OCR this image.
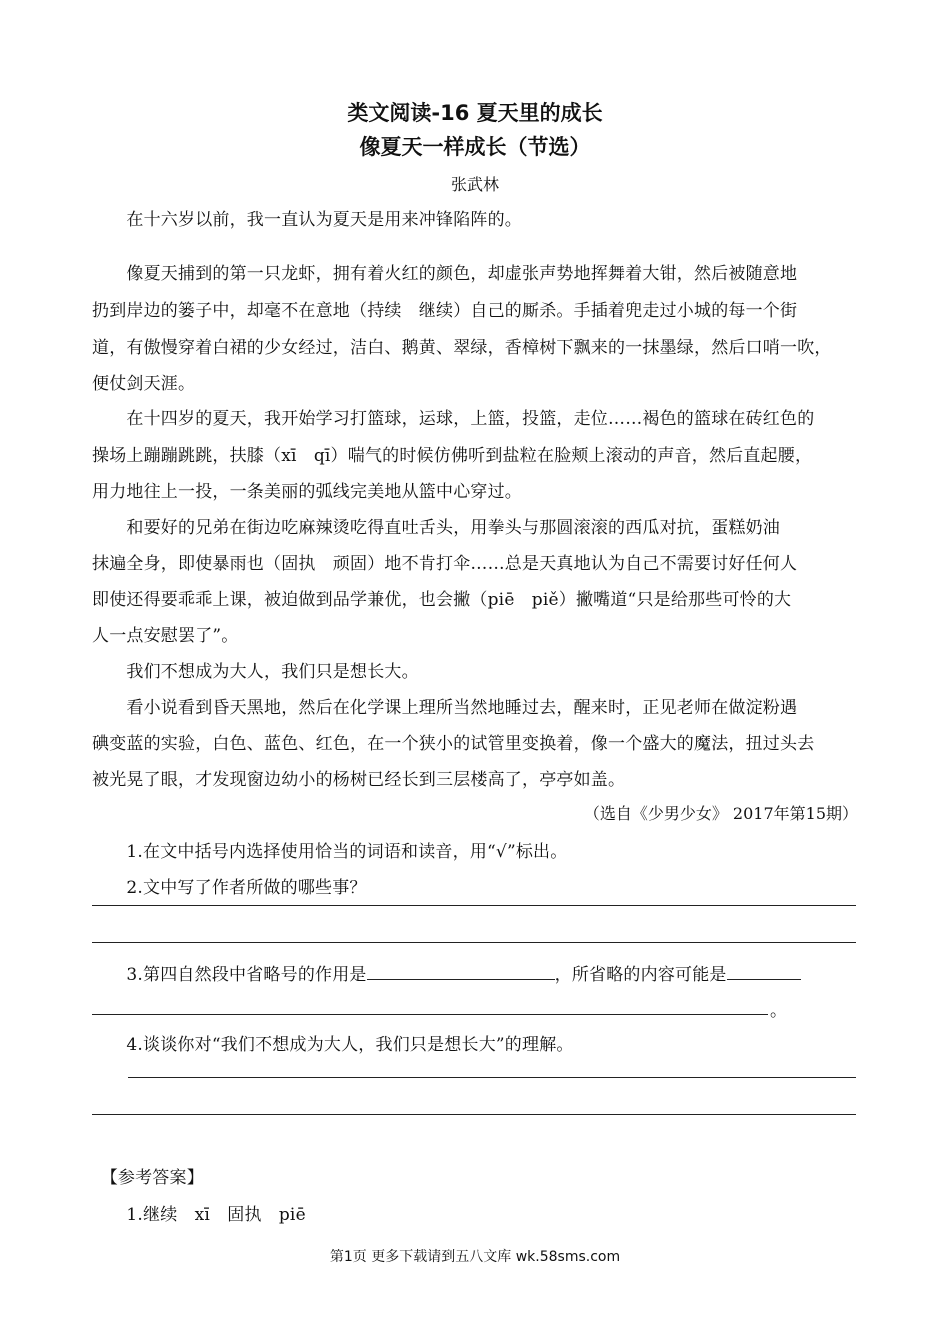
类文阅读-16 夏天里的成长
像夏天一样成长（节选）
张武林
　　在十六岁以前，我一直认为夏天是用来冲锋陷阵的。
　　像夏天捕到的第一只龙虾，拥有着火红的颜色，却虚张声势地挥舞着大钳，然后被随意地
扔到岸边的篓子中，却毫不在意地（持续　继续）自己的厮杀。手插着兜走过小城的每一个街
道，有傲慢穿着白裙的少女经过，洁白、鹅黄、翠绿，香樟树下飘来的一抹墨绿，然后口哨一吹，
便仗剑天涯。
　　在十四岁的夏天，我开始学习打篮球，运球，上篮，投篮，走位……褐色的篮球在砖红色的
操场上蹦蹦跳跳，扶膝（xī　qī）喘气的时候仿佛听到盐粒在脸颊上滚动的声音，然后直起腰，
用力地往上一投，一条美丽的弧线完美地从篮中心穿过。
　　和要好的兄弟在街边吃麻辣烫吃得直吐舌头，用拳头与那圆滚滚的西瓜对抗，蛋糕奶油
抹遍全身，即使暴雨也（固执　顽固）地不肯打伞……总是天真地认为自己不需要讨好任何人
即使还得要乖乖上课，被迫做到品学兼优，也会撇（piē　piě）撇嘴道“只是给那些可怜的大
人一点安慰罢了”。
　　我们不想成为大人，我们只是想长大。
　　看小说看到昏天黑地，然后在化学课上理所当然地睡过去，醒来时，正见老师在做淀粉遇
碘变蓝的实验，白色、蓝色、红色，在一个狭小的试管里变换着，像一个盛大的魔法，扭过头去
被光晃了眼，才发现窗边幼小的杨树已经长到三层楼高了，亭亭如盖。
（选自《少男少女》 2017年第15期）
　　1.在文中括号内选择使用恰当的词语和读音，用“√”标出。
　　2.文中写了作者所做的哪些事？
　　3.第四自然段中省略号的作用是	，所省略的内容可能是
。
　　4.谈谈你对“我们不想成为大人，我们只是想长大”的理解。
　【参考答案】
　　1.继续　xī　固执　piē
第1页 更多下载请到五八文库 wk.58sms.com
